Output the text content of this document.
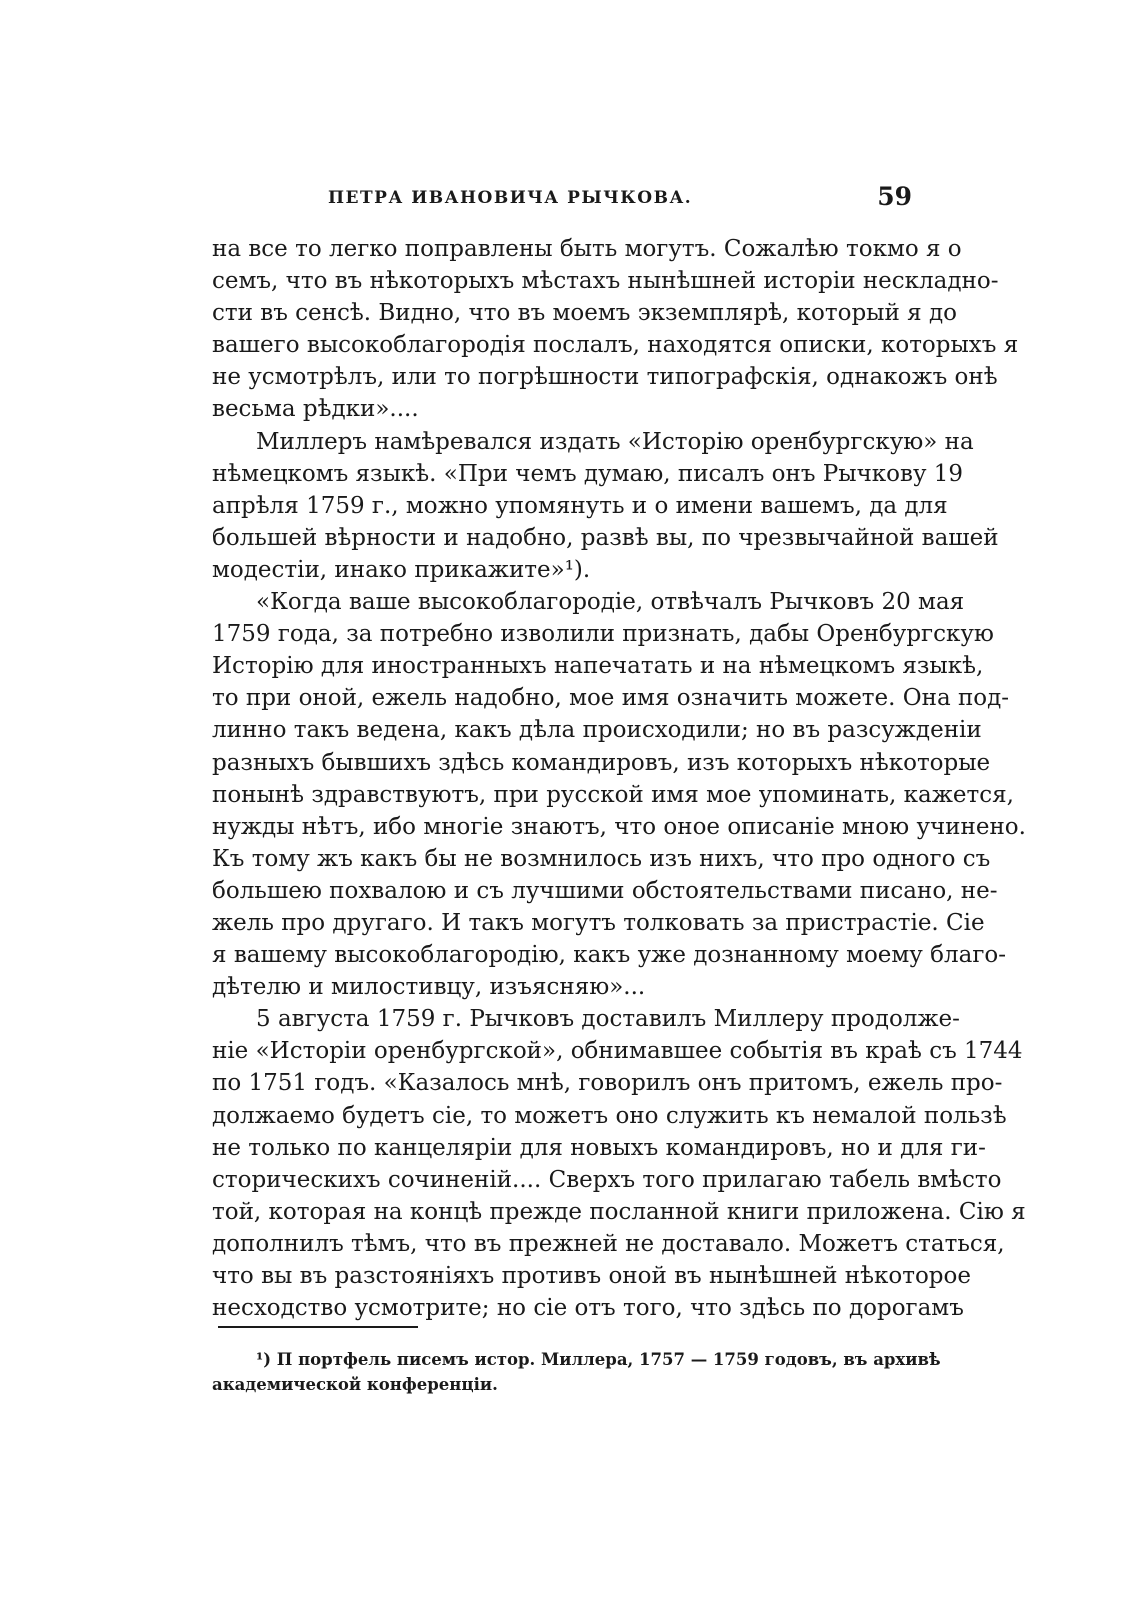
ПЕТРА ИВАНОВИЧА РЫЧКОВА.	59
на все то легко поправлены быть могутъ. Сожалѣю токмо я о
семъ, что въ нѣкоторыхъ мѣстахъ нынѣшней исторіи нескладно-
сти въ сенсѣ. Видно, что въ моемъ экземплярѣ, который я до
вашего высокоблагородія послалъ, находятся описки, которыхъ я
не усмотрѣлъ, или то погрѣшности типографскія, однакожъ онѣ
весьма рѣдки»....
Миллеръ намѣревался издать «Исторію оренбургскую» на
нѣмецкомъ языкѣ. «При чемъ думаю, писалъ онъ Рычкову 19
апрѣля 1759 г., можно упомянуть и о имени вашемъ, да для
большей вѣрности и надобно, развѣ вы, по чрезвычайной вашей
модестіи, инако прикажите»¹).
«Когда ваше высокоблагородіе, отвѣчалъ Рычковъ 20 мая
1759 года, за потребно изволили признать, дабы Оренбургскую
Исторію для иностранныхъ напечатать и на нѣмецкомъ языкѣ,
то при оной, ежель надобно, мое имя означить можете. Она под-
линно такъ ведена, какъ дѣла происходили; но въ разсужденіи
разныхъ бывшихъ здѣсь командировъ, изъ которыхъ нѣкоторые
понынѣ здравствуютъ, при русской имя мое упоминать, кажется,
нужды нѣтъ, ибо многіе знаютъ, что оное описаніе мною учинено.
Къ тому жъ какъ бы не возмнилось изъ нихъ, что про одного съ
большею похвалою и съ лучшими обстоятельствами писано, не-
жель про другаго. И такъ могутъ толковать за пристрастіе. Сіе
я вашему высокоблагородію, какъ уже дознанному моему благо-
дѣтелю и милостивцу, изъясняю»...
5 августа 1759 г. Рычковъ доставилъ Миллеру продолже-
ніе «Исторіи оренбургской», обнимавшее событія въ краѣ съ 1744
по 1751 годъ. «Казалось мнѣ, говорилъ онъ притомъ, ежель про-
должаемо будетъ сіе, то можетъ оно служить къ немалой пользѣ
не только по канцеляріи для новыхъ командировъ, но и для ги-
сторическихъ сочиненій.... Сверхъ того прилагаю табель вмѣсто
той, которая на концѣ прежде посланной книги приложена. Сію я
дополнилъ тѣмъ, что въ прежней не доставало. Можетъ статься,
что вы въ разстояніяхъ противъ оной въ нынѣшней нѣкоторое
несходство усмотрите; но сіе отъ того, что здѣсь по дорогамъ
¹) П портфель писемъ истор. Миллера, 1757 — 1759 годовъ, въ архивѣ
академической конференціи.
